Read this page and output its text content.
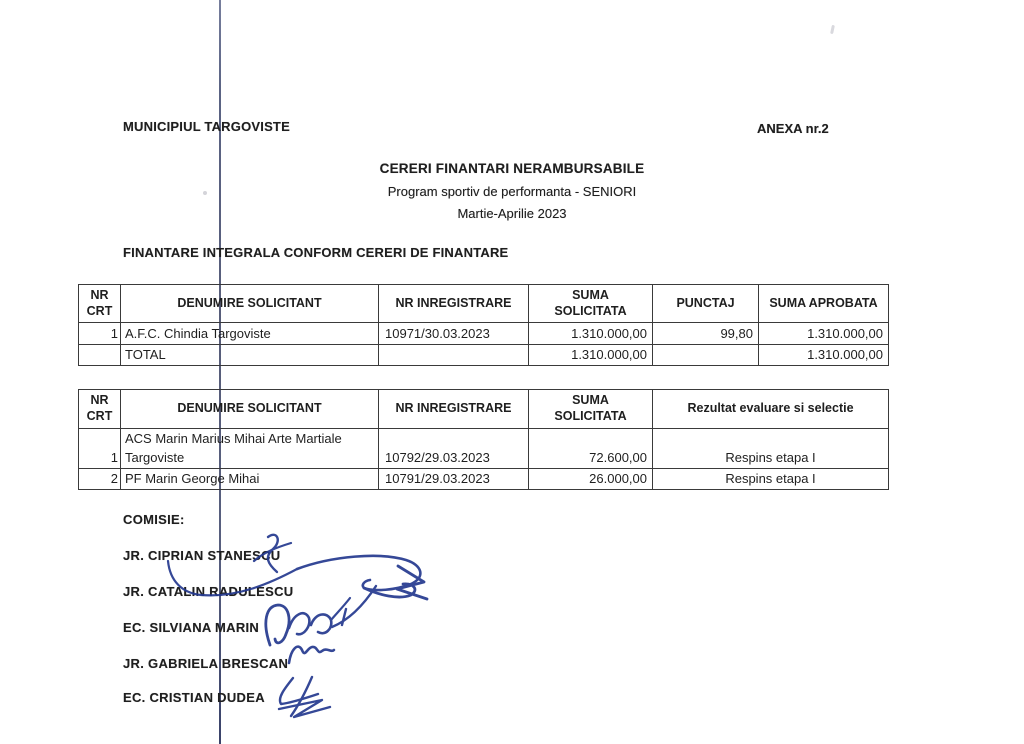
MUNICIPIUL TARGOVISTE	ANEXA nr.2
CERERI FINANTARI NERAMBURSABILE
Program sportiv de performanta - SENIORI
Martie-Aprilie 2023
FINANTARE INTEGRALA CONFORM CERERI DE FINANTARE
NR CRT	DENUMIRE SOLICITANT	NR INREGISTRARE	SUMA SOLICITATA	PUNCTAJ	SUMA APROBATA
1	A.F.C. Chindia Targoviste	10971/30.03.2023	1.310.000,00	99,80	1.310.000,00
	TOTAL		1.310.000,00		1.310.000,00
NR CRT	DENUMIRE SOLICITANT	NR INREGISTRARE	SUMA SOLICITATA	Rezultat evaluare si selectie
1	ACS Marin Marius Mihai Arte Martiale Targoviste	10792/29.03.2023	72.600,00	Respins etapa I
2	PF Marin George Mihai	10791/29.03.2023	26.000,00	Respins etapa I
COMISIE:
JR. CIPRIAN STANESCU
JR. CATALIN RADULESCU
EC. SILVIANA MARIN
JR. GABRIELA BRESCAN
EC. CRISTIAN DUDEA
